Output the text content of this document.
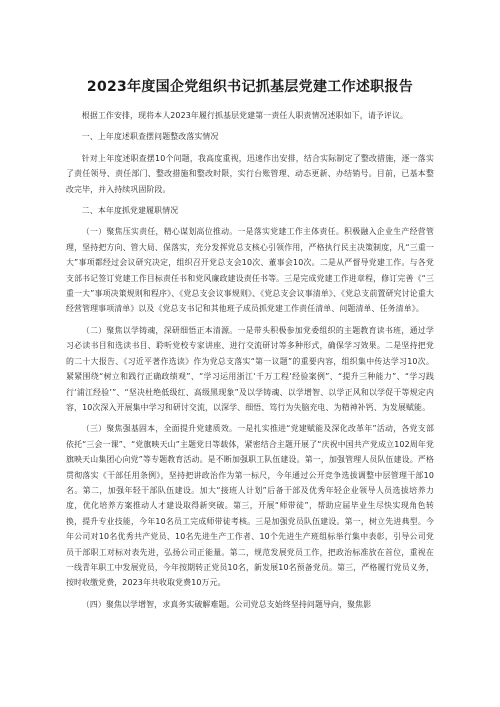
2023年度国企党组织书记抓基层党建工作述职报告

根据工作安排，现将本人2023年履行抓基层党建第一责任人职责情况述职如下，请予评议。

一、上年度述职查摆问题整改落实情况

针对上年度述职查摆10个问题，我高度重视，迅速作出安排，结合实际制定了整改措施，逐一落实了责任领导、责任部门、整改措施和整改时限，实行台账管理、动态更新、办结销号。目前，已基本整改完毕，并入持续巩固阶段。

二、本年度抓党建履职情况

（一）聚焦压实责任，精心谋划高位推动。一是落实党建工作主体责任。积极融入企业生产经营管理，坚持把方向、管大局、保落实，充分发挥党总支核心引领作用，严格执行民主决策制度，凡“三重一大”事项都经过会议研究决定，组织召开党总支会10次、董事会10次。二是从严督导党建工作。与各党支部书记签订党建工作目标责任书和党风廉政建设责任书等。三是完成党建工作进章程，修订完善《“三重一大”事项决策规则和程序》、《党总支会议事规则》、《党总支会议事清单》、《党总支前置研究讨论重大经营管理事项清单》以及《党总支书记和其他班子成员抓党建工作责任清单、问题清单、任务清单》。

（二）聚焦以学铸魂，深研细悟正本清源。一是带头积极参加党委组织的主题教育读书班，通过学习必读书目和选读书目、聆听党校专家讲座、进行交流研讨等多种形式，确保学习效果。二是坚持把党的二十大报告、《习近平著作选读》作为党总支落实“第一议题”的重要内容，组织集中传达学习10次。紧紧围绕“树立和践行正确政绩观”、“学习运用浙江‘千万工程’经验案例”、“提升三种能力”、“学习践行‘浦江经验’”、“坚决杜绝低级红、高级黑现象”及以学铸魂、以学增智、以学正风和以学促干等规定内容，10次深入开展集中学习和研讨交流，以深学、细悟、笃行为失脑充电、为精神补钙、为发展赋能。

（三）聚焦强基固本，全面提升党建质效。一是扎实推进“党建赋能及深化改革年”活动，各党支部依托“三会一课”、“党旗映天山”主题党日等载体，紧密结合主题开展了“庆祝中国共产党成立102周年党旗映天山集团心向党”等专题教育活动。是不断加强职工队伍建设。第一，加强管理人员队伍建设。严格贯彻落实《干部任用条例》，坚持把讲政治作为第一标尺，今年通过公开竞争选拔调整中层管理干部10名。第二，加强年轻干部队伍建设。加大“接班人计划”后备干部及优秀年轻企业领导人员选拔培养力度，优化培养方案推动人才建设取得新突破。第三，开展“师带徒”，帮助应届毕业生尽快实现角色转换，提升专业技能，今年10名员工完成师带徒考核。三是加强党员队伍建设。第一，树立先进典型。今年公司对10名优秀共产党员、10名先进生产工作者、10个先进生产班组标举行集中表彰，引导公司党员干部职工对标对表先进，弘扬公司正能量。第二，规范发展党员工作，把政治标准放在首位，重视在一线青年职工中发展党员，今年按期转正党员10名，新发展10名预备党员。第三，严格履行党员义务，按时收缴党费，2023年共收取党费10万元。

（四）聚焦以学增智，求真务实破解难题。公司党总支始终坚持问题导向，聚焦影
